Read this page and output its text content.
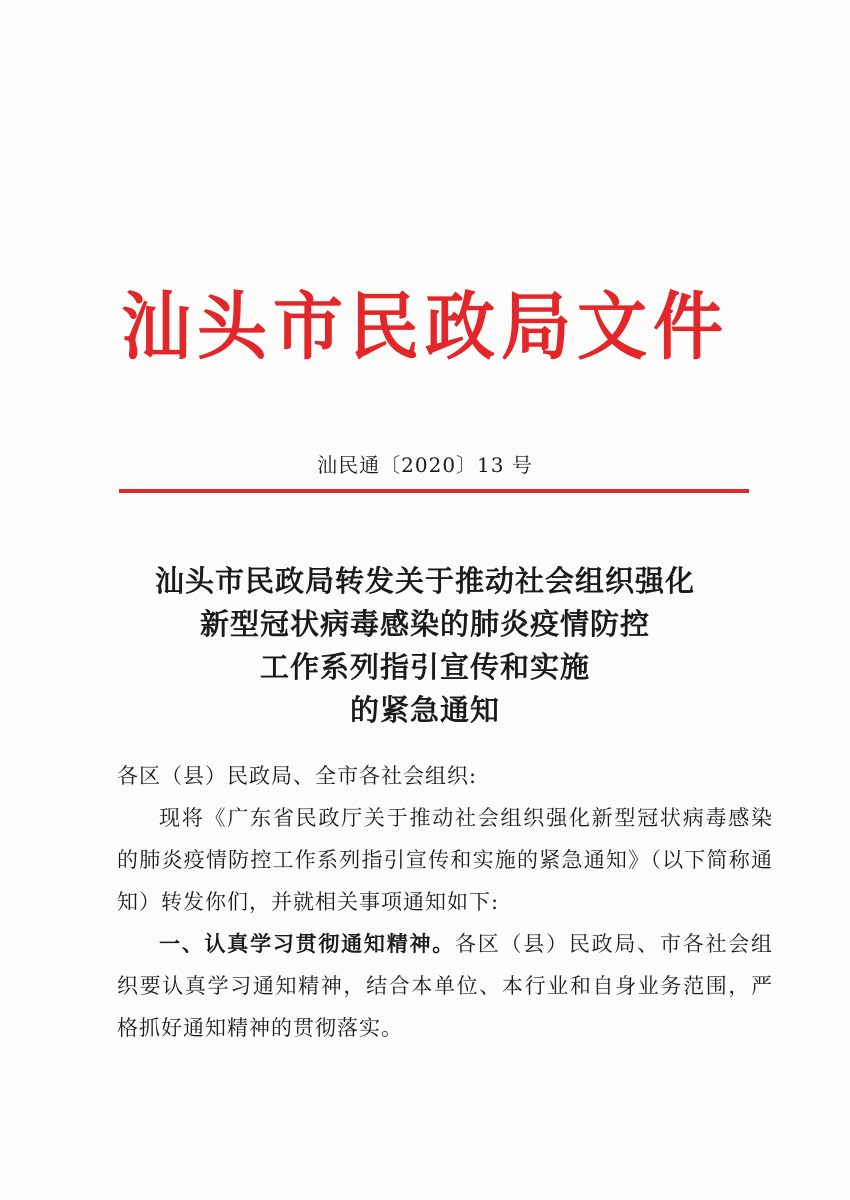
汕头市民政局文件
汕民通〔2020〕13 号
汕头市民政局转发关于推动社会组织强化
新型冠状病毒感染的肺炎疫情防控
工作系列指引宣传和实施
的紧急通知

各区（县）民政局、全市各社会组织:

现将《广东省民政厅关于推动社会组织强化新型冠状病毒感染的肺炎疫情防控工作系列指引宣传和实施的紧急通知》（以下简称通知）转发你们，并就相关事项通知如下:

一、认真学习贯彻通知精神。各区（县）民政局、市各社会组织要认真学习通知精神，结合本单位、本行业和自身业务范围，严格抓好通知精神的贯彻落实。
